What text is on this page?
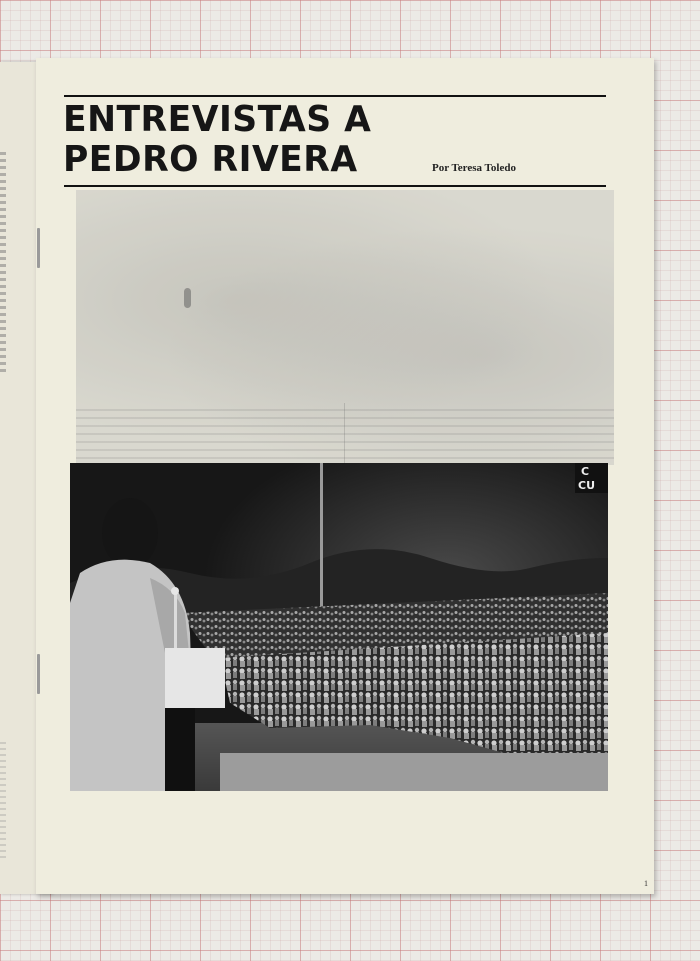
ENTREVISTAS A
PEDRO RIVERA	Por Teresa Toledo
C
CU
1
